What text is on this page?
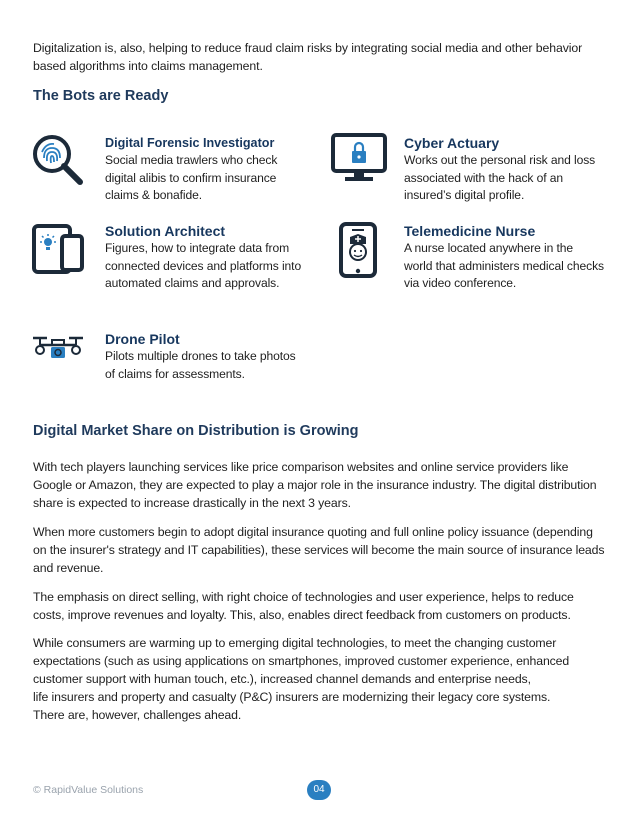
Digitalization is, also, helping to reduce fraud claim risks by integrating social media and other behavior based algorithms into claims management.
The Bots are Ready
Digital Forensic Investigator
Social media trawlers who check digital alibis to confirm insurance claims & bonafide.
Cyber Actuary
Works out the personal risk and loss associated with the hack of an insured’s digital profile.
Solution Architect
Figures, how to integrate data from connected devices and platforms into automated claims and approvals.
Telemedicine Nurse
A nurse located anywhere in the world that administers medical checks via video conference.
Drone Pilot
Pilots multiple drones to take photos of claims for assessments.
Digital Market Share on Distribution is Growing
With tech players launching services like price comparison websites and online service providers like Google or Amazon, they are expected to play a major role in the insurance industry. The digital distribution share is expected to increase drastically in the next 3 years.
When more customers begin to adopt digital insurance quoting and full online policy issuance (depending on the insurer's strategy and IT capabilities), these services will become the main source of insurance leads and revenue.
The emphasis on direct selling, with right choice of technologies and user experience, helps to reduce costs, improve revenues and loyalty. This, also, enables direct feedback from customers on products.
While consumers are warming up to emerging digital technologies, to meet the changing customer expectations (such as using applications on smartphones, improved customer experience, enhanced customer support with human touch, etc.), increased channel demands and enterprise needs,
life insurers and property and casualty (P&C) insurers are modernizing their legacy core systems.
There are, however, challenges ahead.
© RapidValue Solutions	04
